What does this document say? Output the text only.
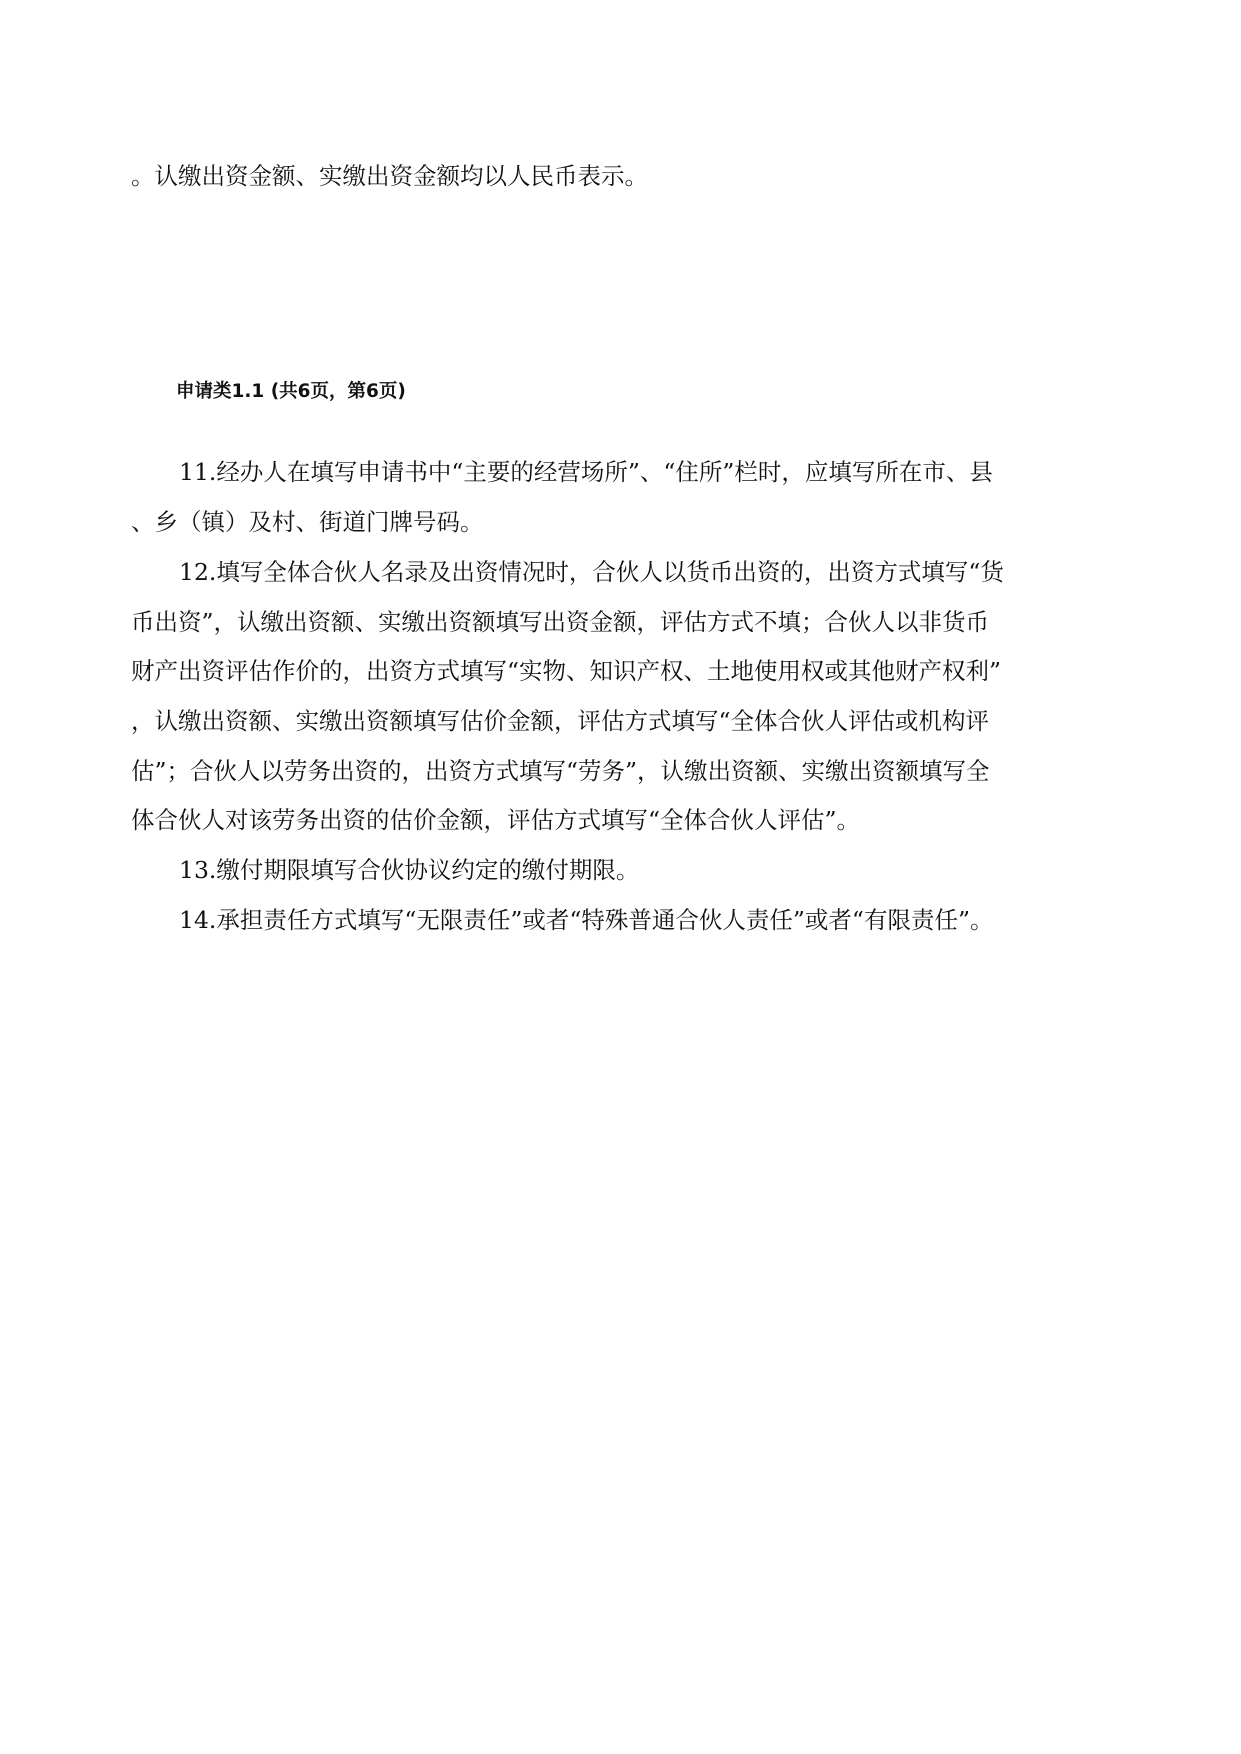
。认缴出资金额、实缴出资金额均以人民币表示。
申请类1.1 (共6页，第6页)
11.经办人在填写申请书中“主要的经营场所”、“住所”栏时，应填写所在市、县
、乡（镇）及村、街道门牌号码。
12.填写全体合伙人名录及出资情况时，合伙人以货币出资的，出资方式填写“货
币出资”，认缴出资额、实缴出资额填写出资金额，评估方式不填；合伙人以非货币
财产出资评估作价的，出资方式填写“实物、知识产权、土地使用权或其他财产权利”
，认缴出资额、实缴出资额填写估价金额，评估方式填写“全体合伙人评估或机构评
估”；合伙人以劳务出资的，出资方式填写“劳务”，认缴出资额、实缴出资额填写全
体合伙人对该劳务出资的估价金额，评估方式填写“全体合伙人评估”。
13.缴付期限填写合伙协议约定的缴付期限。
14.承担责任方式填写“无限责任”或者“特殊普通合伙人责任”或者“有限责任”。
